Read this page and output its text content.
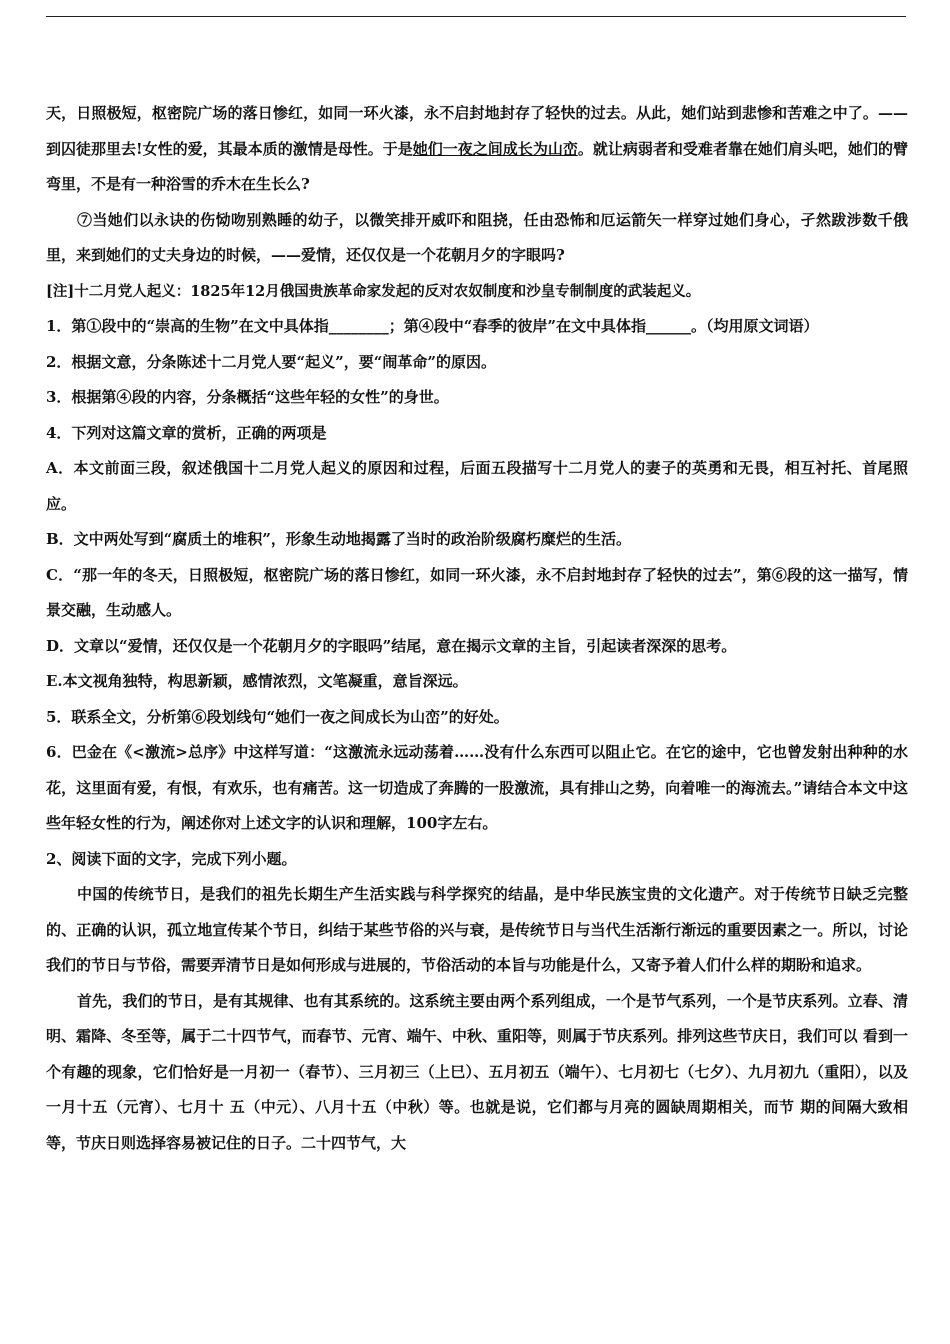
天，日照极短，枢密院广场的落日惨红，如同一环火漆，永不启封地封存了轻快的过去。从此，她们站到悲惨和苦难之中了。——到囚徒那里去!女性的爱，其最本质的激情是母性。于是她们一夜之间成长为山峦。就让病弱者和受难者靠在她们肩头吧，她们的臂弯里，不是有一种浴雪的乔木在生长么?

⑦当她们以永诀的伤恸吻别熟睡的幼子，以微笑排开威吓和阻挠，任由恐怖和厄运箭矢一样穿过她们身心，孑然跋涉数千俄里，来到她们的丈夫身边的时候，——爱情，还仅仅是一个花朝月夕的字眼吗?

[注]十二月党人起义：1825年12月俄国贵族革命家发起的反对农奴制度和沙皇专制制度的武装起义。

1．第①段中的“崇高的生物”在文中具体指________；第④段中“春季的彼岸”在文中具体指______。（均用原文词语）

2．根据文意，分条陈述十二月党人要“起义”，要“闹革命”的原因。

3．根据第④段的内容，分条概括“这些年轻的女性”的身世。

4．下列对这篇文章的赏析，正确的两项是

A．本文前面三段，叙述俄国十二月党人起义的原因和过程，后面五段描写十二月党人的妻子的英勇和无畏，相互衬托、首尾照应。

B．文中两处写到“腐质土的堆积”，形象生动地揭露了当时的政治阶级腐朽糜烂的生活。

C．“那一年的冬天，日照极短，枢密院广场的落日惨红，如同一环火漆，永不启封地封存了轻快的过去”，第⑥段的这一描写，情景交融，生动感人。

D．文章以“爱情，还仅仅是一个花朝月夕的字眼吗”结尾，意在揭示文章的主旨，引起读者深深的思考。

E.本文视角独特，构思新颖，感情浓烈，文笔凝重，意旨深远。

5．联系全文，分析第⑥段划线句“她们一夜之间成长为山峦”的好处。

6．巴金在《<激流>总序》中这样写道：“这激流永远动荡着……没有什么东西可以阻止它。在它的途中，它也曾发射出种种的水花，这里面有爱，有恨，有欢乐，也有痛苦。这一切造成了奔腾的一股激流，具有排山之势，向着唯一的海流去。”请结合本文中这些年轻女性的行为，阐述你对上述文字的认识和理解，100字左右。

2、阅读下面的文字，完成下列小题。

中国的传统节日，是我们的祖先长期生产生活实践与科学探究的结晶，是中华民族宝贵的文化遗产。对于传统节日缺乏完整的、正确的认识，孤立地宣传某个节日，纠结于某些节俗的兴与衰，是传统节日与当代生活渐行渐远的重要因素之一。所以，讨论我们的节日与节俗，需要弄清节日是如何形成与进展的，节俗活动的本旨与功能是什么，又寄予着人们什么样的期盼和追求。

首先，我们的节日，是有其规律、也有其系统的。这系统主要由两个系列组成，一个是节气系列，一个是节庆系列。立春、清明、霜降、冬至等，属于二十四节气，而春节、元宵、端午、中秋、重阳等，则属于节庆系列。排列这些节庆日，我们可以 看到一个有趣的现象，它们恰好是一月初一（春节）、三月初三（上巳）、五月初五（端午）、七月初七（七夕）、九月初九（重阳），以及一月十五（元宵）、七月十 五（中元）、八月十五（中秋）等。也就是说，它们都与月亮的圆缺周期相关，而节 期的间隔大致相等，节庆日则选择容易被记住的日子。二十四节气，大
